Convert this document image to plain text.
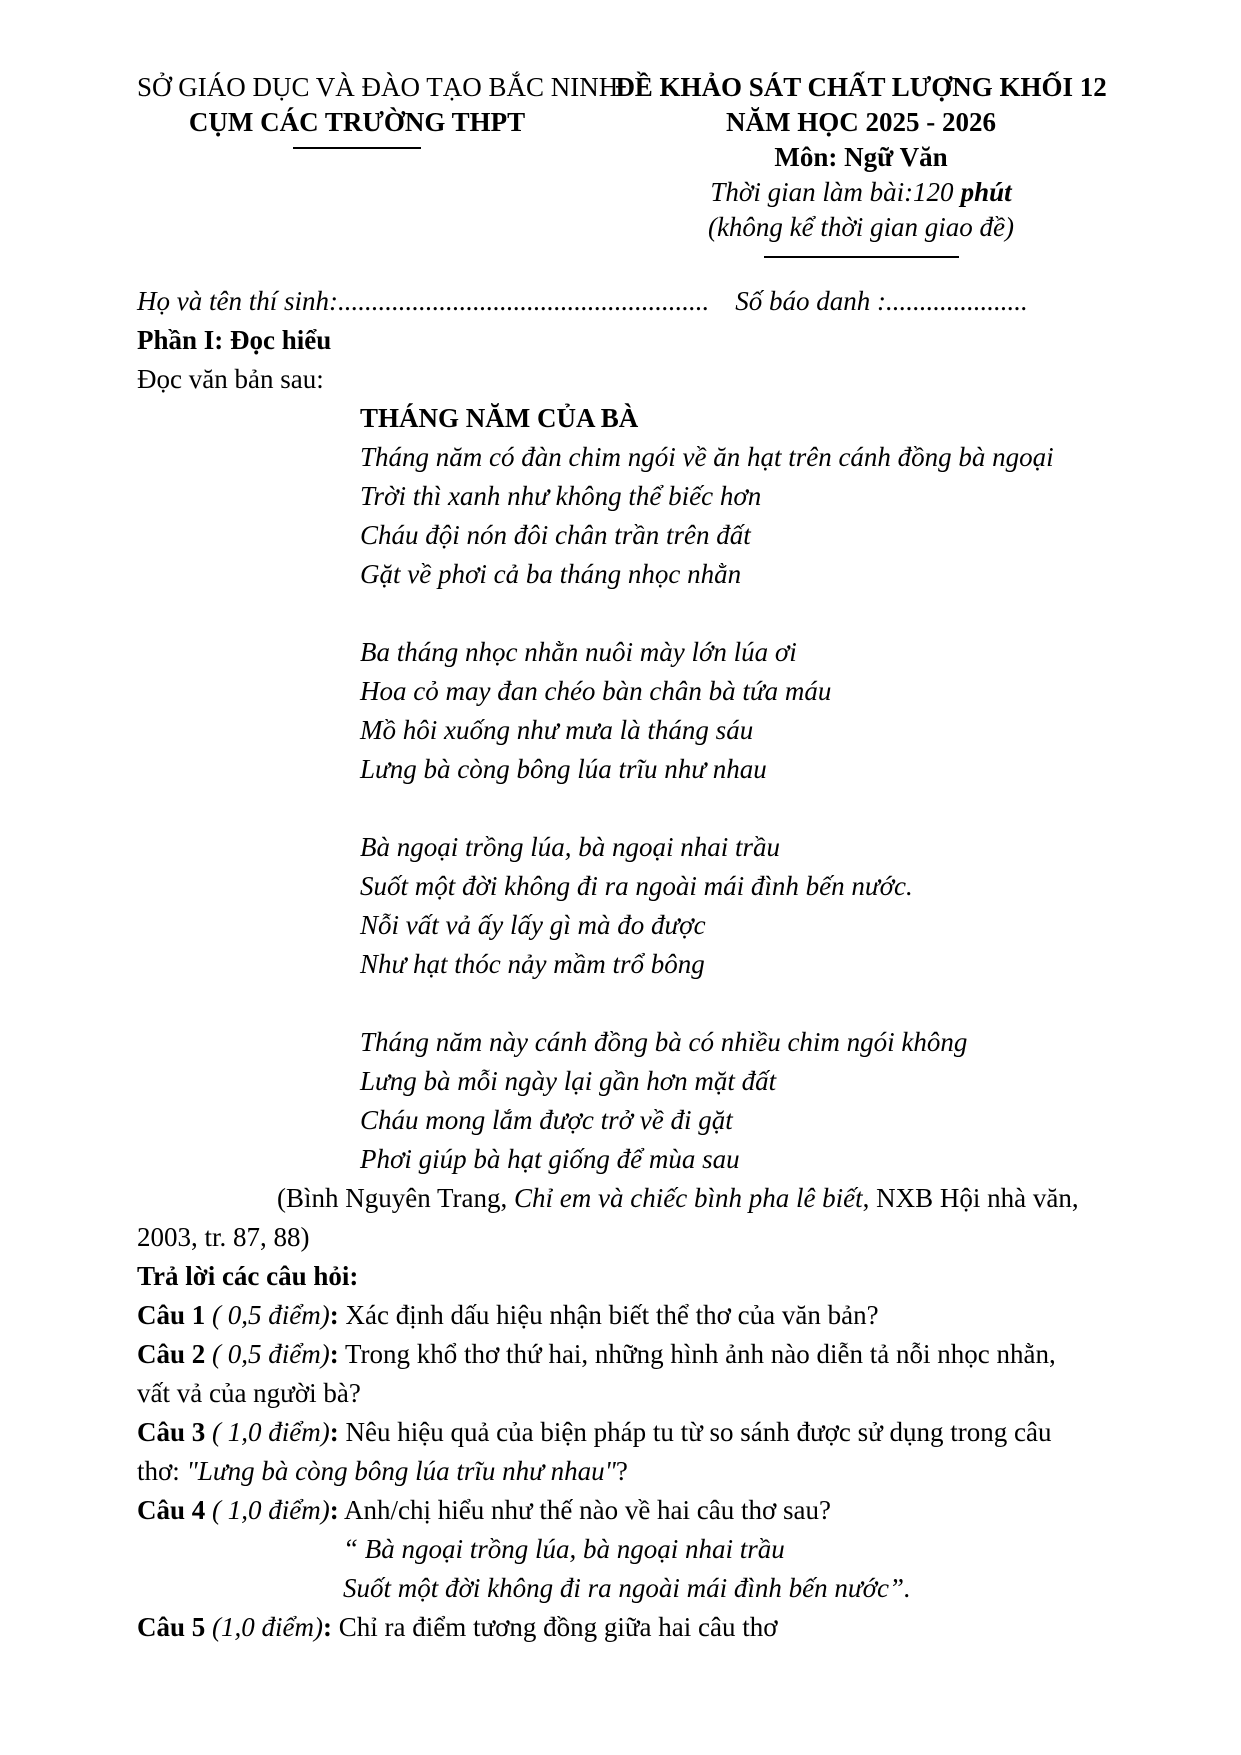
SỞ GIÁO DỤC VÀ ĐÀO TẠO BẮC NINH
CỤM CÁC TRƯỜNG THPT
ĐỀ KHẢO SÁT CHẤT LƯỢNG KHỐI 12
NĂM HỌC 2025 - 2026
Môn: Ngữ Văn
Thời gian làm bài:120 phút
(không kể thời gian giao đề)
Họ và tên thí sinh:....................................................... Số báo danh :.....................
Phần I: Đọc hiểu
Đọc văn bản sau:
THÁNG NĂM CỦA BÀ
Tháng năm có đàn chim ngói về ăn hạt trên cánh đồng bà ngoại
Trời thì xanh như không thể biếc hơn
Cháu đội nón đôi chân trần trên đất
Gặt về phơi cả ba tháng nhọc nhằn
Ba tháng nhọc nhằn nuôi mày lớn lúa ơi
Hoa cỏ may đan chéo bàn chân bà tứa máu
Mồ hôi xuống như mưa là tháng sáu
Lưng bà còng bông lúa trĩu như nhau
Bà ngoại trồng lúa, bà ngoại nhai trầu
Suốt một đời không đi ra ngoài mái đình bến nước.
Nỗi vất vả ấy lấy gì mà đo được
Như hạt thóc nảy mầm trổ bông
Tháng năm này cánh đồng bà có nhiều chim ngói không
Lưng bà mỗi ngày lại gần hơn mặt đất
Cháu mong lắm được trở về đi gặt
Phơi giúp bà hạt giống để mùa sau
(Bình Nguyên Trang, Chỉ em và chiếc bình pha lê biết, NXB Hội nhà văn,
2003, tr. 87, 88)
Trả lời các câu hỏi:
Câu 1 ( 0,5 điểm): Xác định dấu hiệu nhận biết thể thơ của văn bản?
Câu 2 ( 0,5 điểm): Trong khổ thơ thứ hai, những hình ảnh nào diễn tả nỗi nhọc nhằn,
vất vả của người bà?
Câu 3 ( 1,0 điểm): Nêu hiệu quả của biện pháp tu từ so sánh được sử dụng trong câu
thơ: "Lưng bà còng bông lúa trĩu như nhau"?
Câu 4 ( 1,0 điểm): Anh/chị hiểu như thế nào về hai câu thơ sau?
“ Bà ngoại trồng lúa, bà ngoại nhai trầu
Suốt một đời không đi ra ngoài mái đình bến nước”.
Câu 5 (1,0 điểm): Chỉ ra điểm tương đồng giữa hai câu thơ
